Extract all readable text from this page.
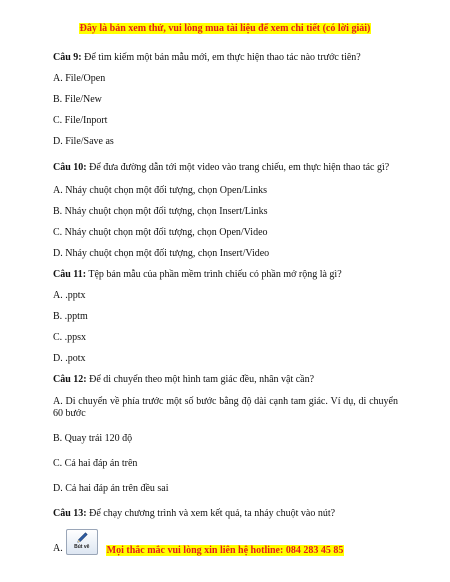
Đây là bản xem thử, vui lòng mua tài liệu để xem chi tiết (có lời giải)
Câu 9: Để tìm kiếm một bản mẫu mới, em thực hiện thao tác nào trước tiên?
A. File/Open
B. File/New
C. File/Inport
D. File/Save as
Câu 10: Để đưa đường dẫn tới một video vào trang chiếu, em thực hiện thao tác gì?
A. Nháy chuột chọn một đối tượng, chọn Open/Links
B. Nháy chuột chọn một đối tượng, chọn Insert/Links
C. Nháy chuột chọn một đối tượng, chọn Open/Video
D. Nháy chuột chọn một đối tượng, chọn Insert/Video
Câu 11: Tệp bản mẫu của phần mềm trình chiếu có phần mở rộng là gì?
A. .pptx
B. .pptm
C. .ppsx
D. .potx
Câu 12: Để di chuyển theo một hình tam giác đều, nhân vật cần?
A. Di chuyển về phía trước một số bước bằng độ dài cạnh tam giác. Ví dụ, di chuyển 60 bước
B. Quay trái 120 độ
C. Cả hai đáp án trên
D. Cả hai đáp án trên đều sai
Câu 13: Để chạy chương trình và xem kết quả, ta nháy chuột vào nút?
A.	Bút vẽ	Mọi thắc mắc vui lòng xin liên hệ hotline: 084 283 45 85
